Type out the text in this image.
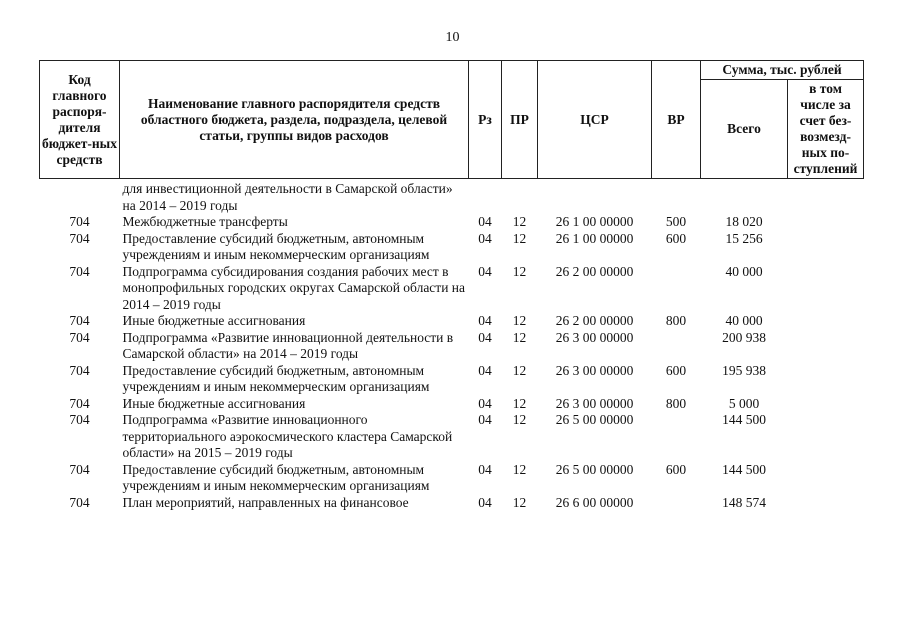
10
Код главного распоря-дителя бюджет-ных средств	Наименование главного распорядителя средств областного бюджета, раздела, подраздела, целевой статьи, группы видов расходов	Рз	ПР	ЦСР	ВР	Сумма, тыс. рублей	
						Всего	в том числе за счет без-возмезд-ных по-ступлений
	для инвестиционной деятельности в Самарской области» на 2014 – 2019 годы						
704	Межбюджетные трансферты	04	12	26 1 00 00000	500	18 020	
704	Предоставление субсидий бюджетным, автономным учреждениям и иным некоммерческим организациям	04	12	26 1 00 00000	600	15 256	
704	Подпрограмма субсидирования создания рабочих мест в монопрофильных городских округах Самарской области на 2014 – 2019 годы	04	12	26 2 00 00000		40 000	
704	Иные бюджетные ассигнования	04	12	26 2 00 00000	800	40 000	
704	Подпрограмма «Развитие инновационной деятельности в Самарской области» на 2014 – 2019 годы	04	12	26 3 00 00000		200 938	
704	Предоставление субсидий бюджетным, автономным учреждениям и иным некоммерческим организациям	04	12	26 3 00 00000	600	195 938	
704	Иные бюджетные ассигнования	04	12	26 3 00 00000	800	5 000	
704	Подпрограмма «Развитие инновационного территориального аэрокосмического кластера Самарской области» на 2015 – 2019 годы	04	12	26 5 00 00000		144 500	
704	Предоставление субсидий бюджетным, автономным учреждениям и иным некоммерческим организациям	04	12	26 5 00 00000	600	144 500	
704	План мероприятий, направленных на финансовое	04	12	26 6 00 00000		148 574	
